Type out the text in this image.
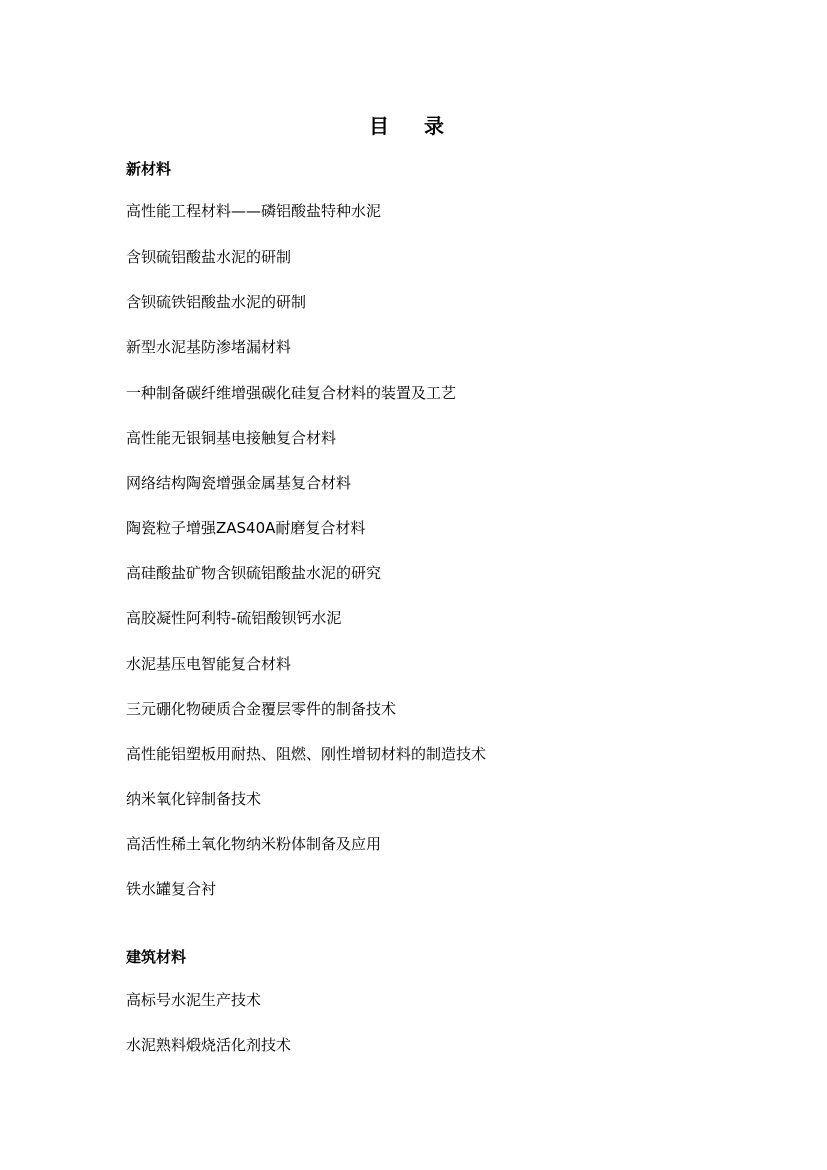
目 录
新材料

高性能工程材料——磷铝酸盐特种水泥

含钡硫铝酸盐水泥的研制

含钡硫铁铝酸盐水泥的研制

新型水泥基防渗堵漏材料

一种制备碳纤维增强碳化硅复合材料的装置及工艺

高性能无银铜基电接触复合材料

网络结构陶瓷增强金属基复合材料

陶瓷粒子增强ZAS40A耐磨复合材料

高硅酸盐矿物含钡硫铝酸盐水泥的研究

高胶凝性阿利特-硫铝酸钡钙水泥

水泥基压电智能复合材料

三元硼化物硬质合金覆层零件的制备技术

高性能铝塑板用耐热、阻燃、刚性增韧材料的制造技术

纳米氧化锌制备技术

高活性稀土氧化物纳米粉体制备及应用

铁水罐复合衬

建筑材料

高标号水泥生产技术

水泥熟料煅烧活化剂技术
